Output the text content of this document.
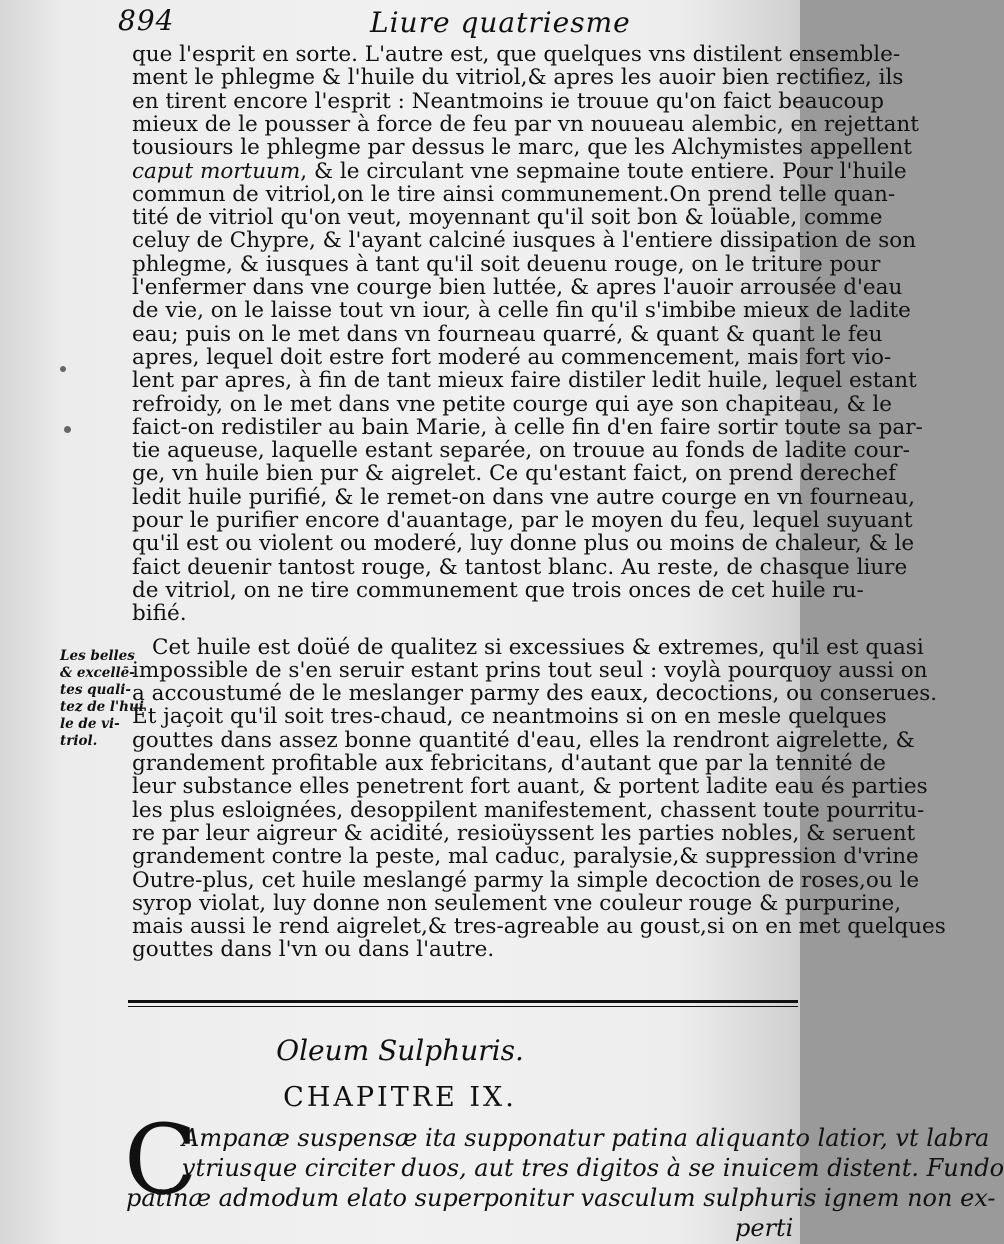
894	Liure quatriesme
que l'esprit en sorte. L'autre est, que quelques vns distilent ensemble-
ment le phlegme & l'huile du vitriol,& apres les auoir bien rectifiez, ils
en tirent encore l'esprit : Neantmoins ie trouue qu'on faict beaucoup
mieux de le pousser à force de feu par vn nouueau alembic, en rejettant
tousiours le phlegme par dessus le marc, que les Alchymistes appellent
caput mortuum, & le circulant vne sepmaine toute entiere. Pour l'huile
commun de vitriol,on le tire ainsi communement.On prend telle quan-
tité de vitriol qu'on veut, moyennant qu'il soit bon & loüable, comme
celuy de Chypre, & l'ayant calciné iusques à l'entiere dissipation de son
phlegme, & iusques à tant qu'il soit deuenu rouge, on le triture pour
l'enfermer dans vne courge bien luttée, & apres l'auoir arrousée d'eau
de vie, on le laisse tout vn iour, à celle fin qu'il s'imbibe mieux de ladite
eau; puis on le met dans vn fourneau quarré, & quant & quant le feu
apres, lequel doit estre fort moderé au commencement, mais fort vio-
lent par apres, à fin de tant mieux faire distiler ledit huile, lequel estant
refroidy, on le met dans vne petite courge qui aye son chapiteau, & le
faict-on redistiler au bain Marie, à celle fin d'en faire sortir toute sa par-
tie aqueuse, laquelle estant separée, on trouue au fonds de ladite cour-
ge, vn huile bien pur & aigrelet. Ce qu'estant faict, on prend derechef
ledit huile purifié, & le remet-on dans vne autre courge en vn fourneau,
pour le purifier encore d'auantage, par le moyen du feu, lequel suyuant
qu'il est ou violent ou moderé, luy donne plus ou moins de chaleur, & le
faict deuenir tantost rouge, & tantost blanc. Au reste, de chasque liure
de vitriol, on ne tire communement que trois onces de cet huile ru-
bifié.
Cet huile est doüé de qualitez si excessiues & extremes, qu'il est quasi
impossible de s'en seruir estant prins tout seul : voylà pourquoy aussi on
a accoustumé de le meslanger parmy des eaux, decoctions, ou conserues.
Et jaçoit qu'il soit tres-chaud, ce neantmoins si on en mesle quelques
gouttes dans assez bonne quantité d'eau, elles la rendront aigrelette, &
grandement profitable aux febricitans, d'autant que par la tennité de
leur substance elles penetrent fort auant, & portent ladite eau és parties
les plus esloignées, desoppilent manifestement, chassent toute pourritu-
re par leur aigreur & acidité, resioüyssent les parties nobles, & seruent
grandement contre la peste, mal caduc, paralysie,& suppression d'vrine
Outre-plus, cet huile meslangé parmy la simple decoction de roses,ou le
syrop violat, luy donne non seulement vne couleur rouge & purpurine,
mais aussi le rend aigrelet,& tres-agreable au goust,si on en met quelques
gouttes dans l'vn ou dans l'autre.
Les belles
& excellē-
tes quali-
tez de l'hui
le de vi-
triol.
Oleum Sulphuris.
CHAPITRE IX.
C
Ampanæ suspensæ ita supponatur patina aliquanto latior, vt labra
vtriusque circiter duos, aut tres digitos à se inuicem distent. Fundo
patinæ admodum elato superponitur vasculum sulphuris ignem non ex-
perti
